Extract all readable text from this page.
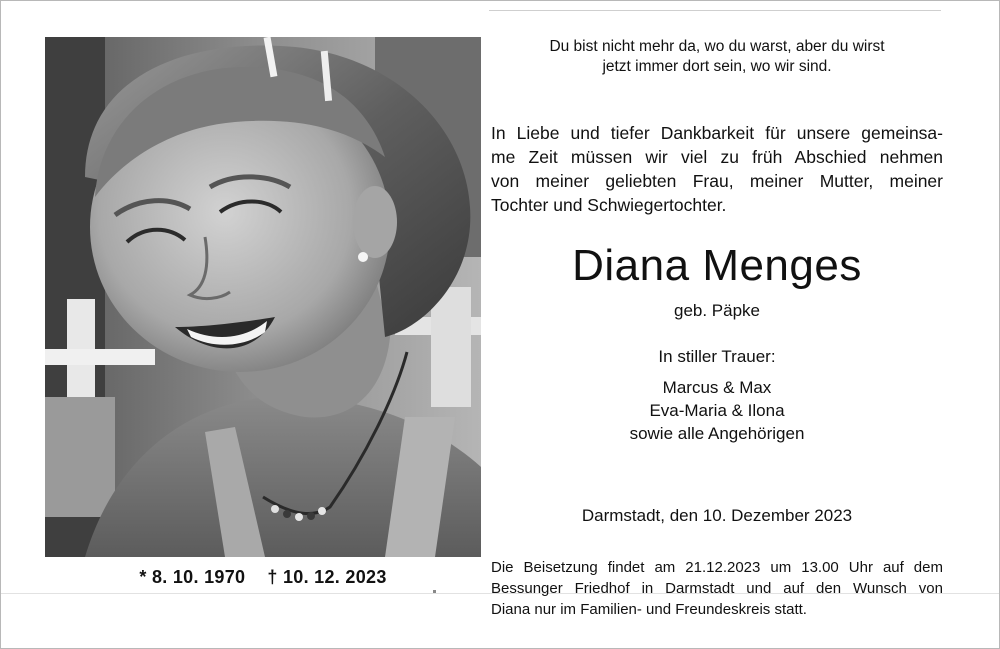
* 8. 10. 1970 † 10. 12. 2023
Du bist nicht mehr da, wo du warst, aber du wirst
jetzt immer dort sein, wo wir sind.
In Liebe und tiefer Dankbarkeit für unsere gemeinsa-
me Zeit müssen wir viel zu früh Abschied nehmen
von meiner geliebten Frau, meiner Mutter, meiner
Tochter und Schwiegertochter.
Diana Menges
geb. Päpke
In stiller Trauer:
Marcus & Max
Eva-Maria & Ilona
sowie alle Angehörigen
Darmstadt, den 10. Dezember 2023
Die Beisetzung findet am 21.12.2023 um 13.00 Uhr auf dem
Bessunger Friedhof in Darmstadt und auf den Wunsch von
Diana nur im Familien- und Freundeskreis statt.
